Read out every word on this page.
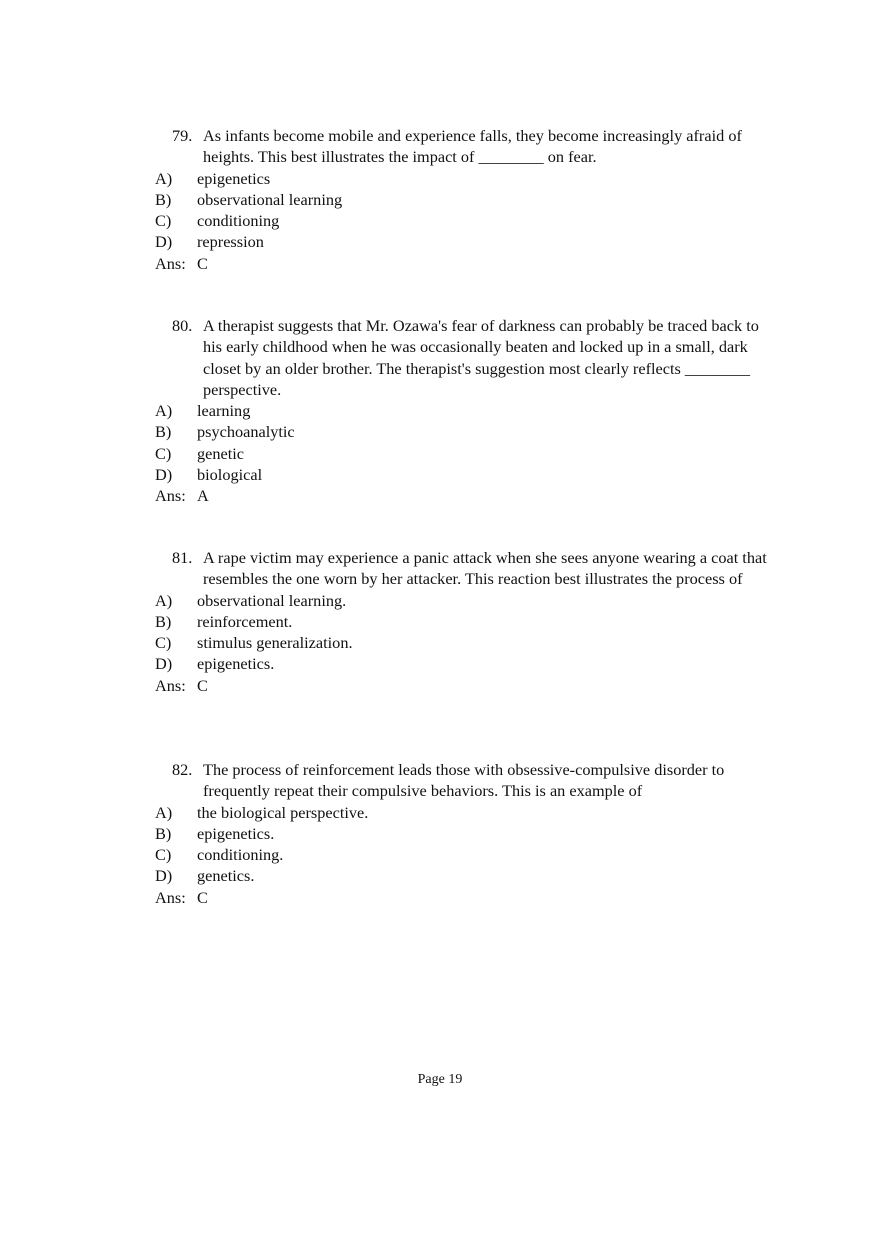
79. As infants become mobile and experience falls, they become increasingly afraid of heights. This best illustrates the impact of ________ on fear.
A) epigenetics
B) observational learning
C) conditioning
D) repression
Ans: C
80. A therapist suggests that Mr. Ozawa's fear of darkness can probably be traced back to his early childhood when he was occasionally beaten and locked up in a small, dark closet by an older brother. The therapist's suggestion most clearly reflects ________ perspective.
A) learning
B) psychoanalytic
C) genetic
D) biological
Ans: A
81. A rape victim may experience a panic attack when she sees anyone wearing a coat that resembles the one worn by her attacker. This reaction best illustrates the process of
A) observational learning.
B) reinforcement.
C) stimulus generalization.
D) epigenetics.
Ans: C
82. The process of reinforcement leads those with obsessive-compulsive disorder to frequently repeat their compulsive behaviors. This is an example of
A) the biological perspective.
B) epigenetics.
C) conditioning.
D) genetics.
Ans: C
Page 19
